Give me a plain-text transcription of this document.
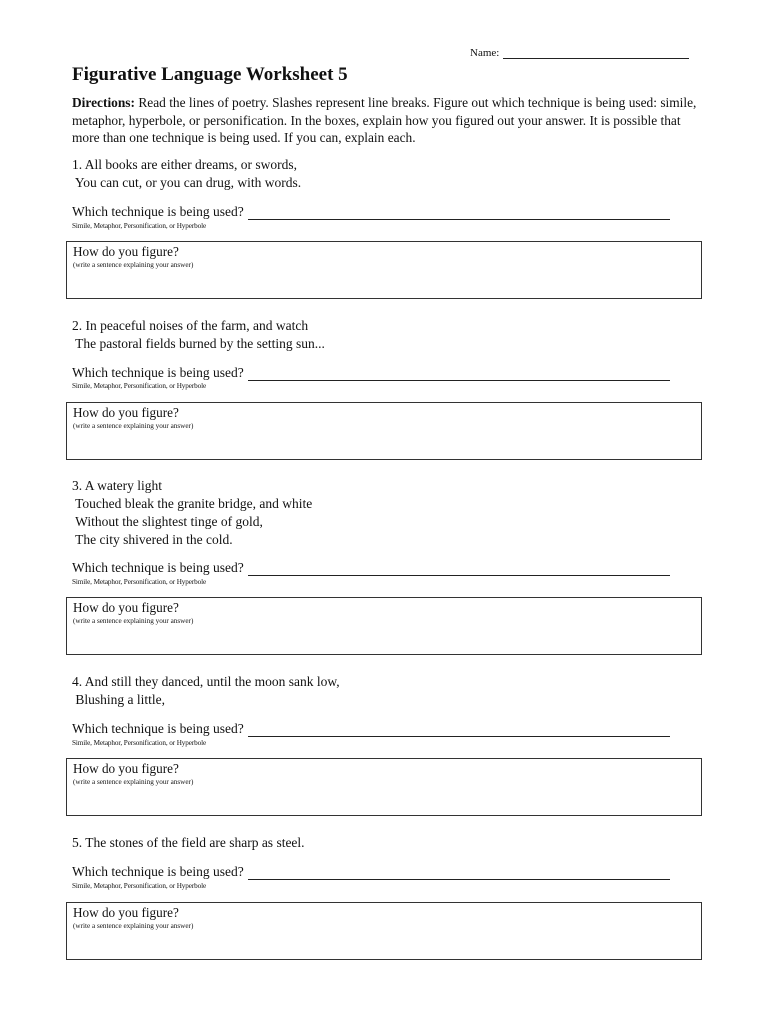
Name:
Figurative Language Worksheet 5

Directions: Read the lines of poetry. Slashes represent line breaks. Figure out which technique is being used: simile, metaphor, hyperbole, or personification. In the boxes, explain how you figured out your answer. It is possible that more than one technique is being used. If you can, explain each.

1. All books are either dreams, or swords,
You can cut, or you can drug, with words.
Which technique is being used?
Simile, Metaphor, Personification, or Hyperbole
How do you figure?
(write a sentence explaining your answer)
2. In peaceful noises of the farm, and watch
The pastoral fields burned by the setting sun...
Which technique is being used?
Simile, Metaphor, Personification, or Hyperbole
How do you figure?
(write a sentence explaining your answer)
3. A watery light
Touched bleak the granite bridge, and white
Without the slightest tinge of gold,
The city shivered in the cold.
Which technique is being used?
Simile, Metaphor, Personification, or Hyperbole
How do you figure?
(write a sentence explaining your answer)
4. And still they danced, until the moon sank low,
Blushing a little,
Which technique is being used?
Simile, Metaphor, Personification, or Hyperbole
How do you figure?
(write a sentence explaining your answer)
5. The stones of the field are sharp as steel.
Which technique is being used?
Simile, Metaphor, Personification, or Hyperbole
How do you figure?
(write a sentence explaining your answer)
